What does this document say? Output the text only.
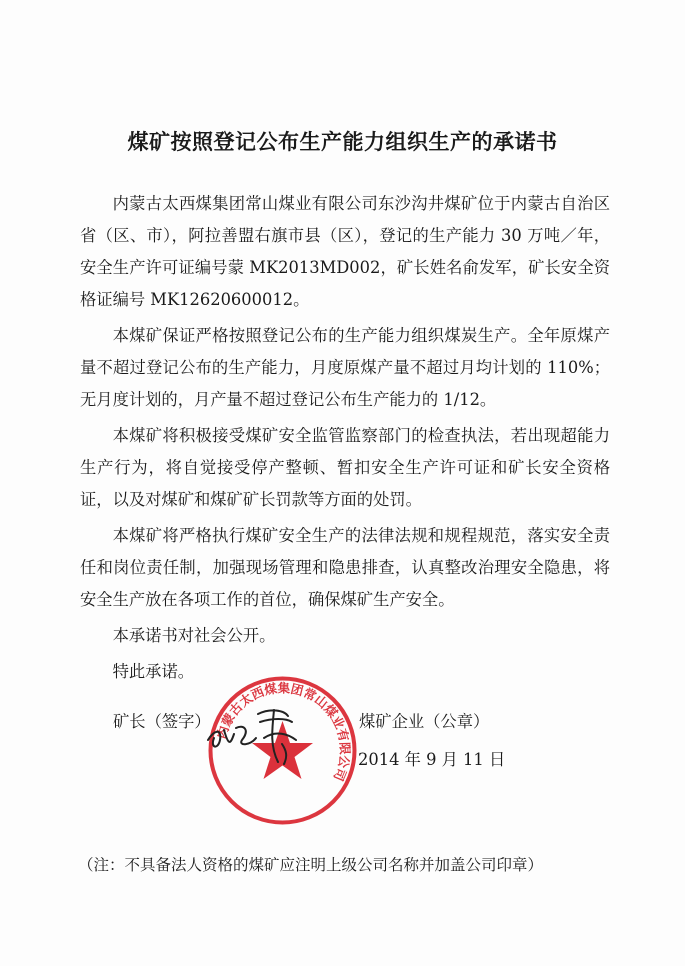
煤矿按照登记公布生产能力组织生产的承诺书

内蒙古太西煤集团常山煤业有限公司东沙沟井煤矿位于内蒙古自治区省（区、市），阿拉善盟右旗市县（区），登记的生产能力 30 万吨／年，安全生产许可证编号蒙 MK2013MD002，矿长姓名俞发军，矿长安全资格证编号 MK12620600012。

本煤矿保证严格按照登记公布的生产能力组织煤炭生产。全年原煤产量不超过登记公布的生产能力，月度原煤产量不超过月均计划的 110%；无月度计划的，月产量不超过登记公布生产能力的 1/12。

本煤矿将积极接受煤矿安全监管监察部门的检查执法，若出现超能力生产行为，将自觉接受停产整顿、暂扣安全生产许可证和矿长安全资格证，以及对煤矿和煤矿矿长罚款等方面的处罚。

本煤矿将严格执行煤矿安全生产的法律法规和规程规范，落实安全责任和岗位责任制，加强现场管理和隐患排查，认真整改治理安全隐患，将安全生产放在各项工作的首位，确保煤矿生产安全。

本承诺书对社会公开。

特此承诺。

内蒙古太西煤集团常山煤业有限公司
矿长（签字）	煤矿企业（公章）
2014 年 9 月 11 日
（注：不具备法人资格的煤矿应注明上级公司名称并加盖公司印章）
